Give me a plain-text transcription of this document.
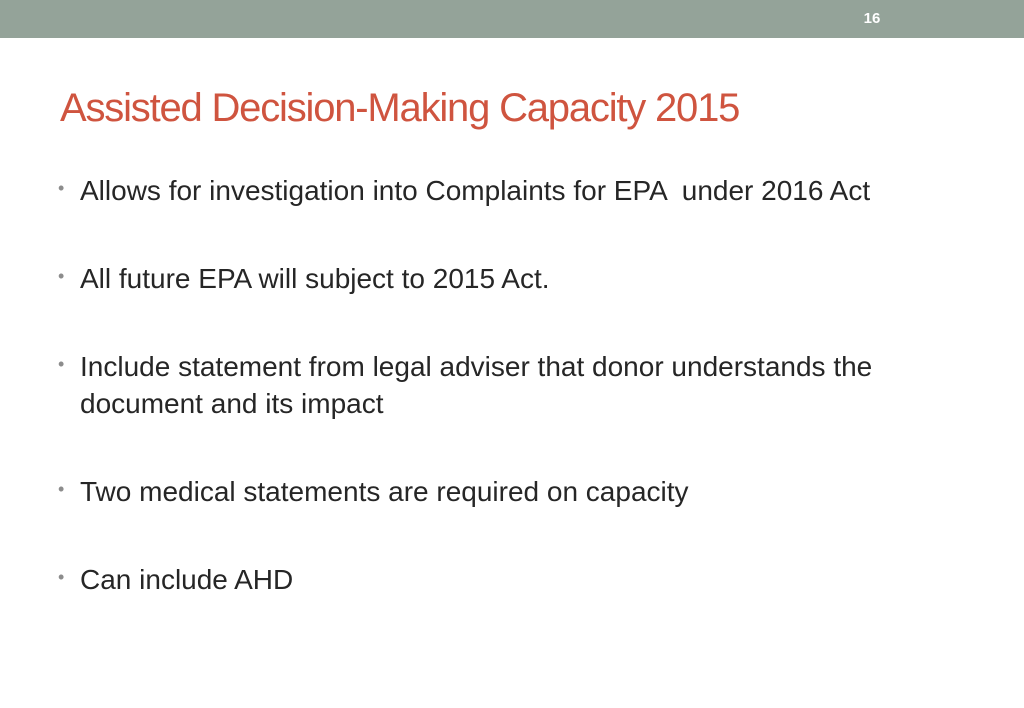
16
Assisted Decision-Making Capacity 2015
• Allows for investigation into Complaints for EPA  under 2016 Act
• All future EPA will subject to 2015 Act.
• Include statement from legal adviser that donor understands the document and its impact
• Two medical statements are required on capacity
• Can include AHD
